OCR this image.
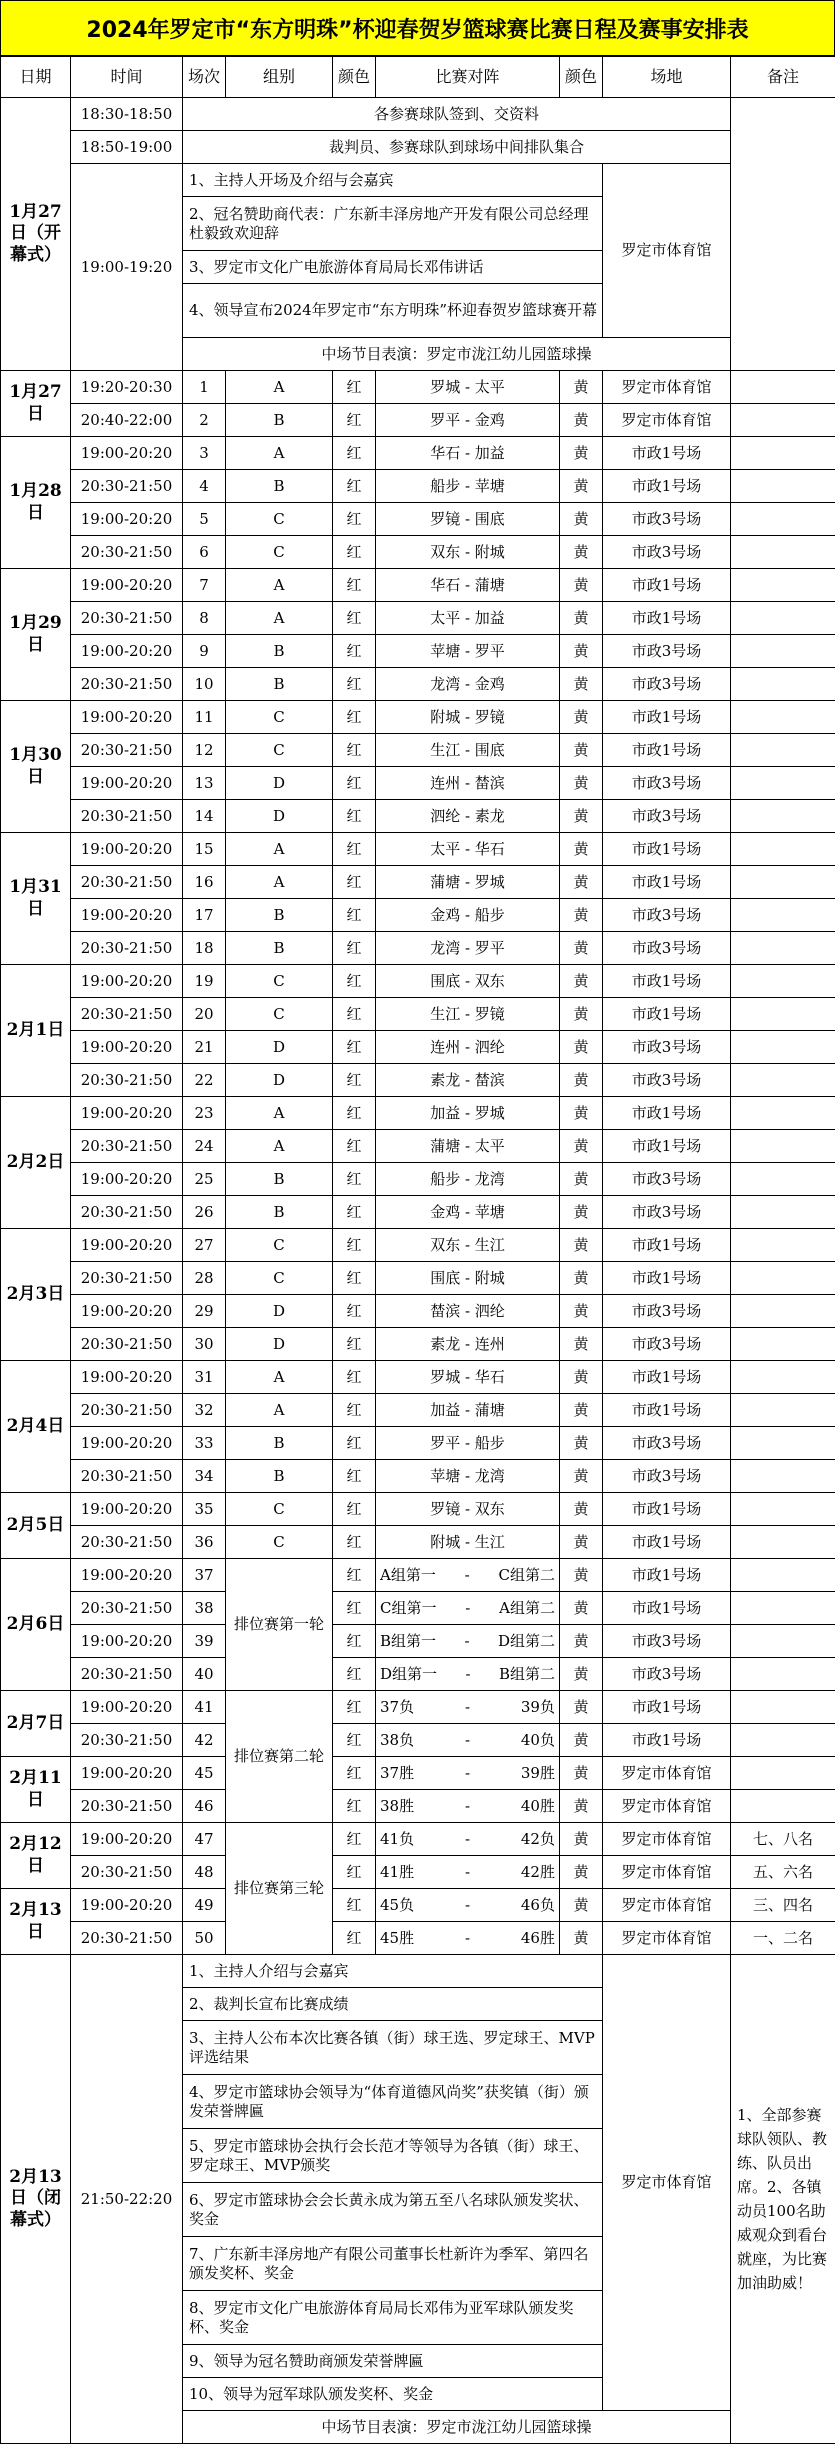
2024年罗定市“东方明珠”杯迎春贺岁篮球赛比赛日程及赛事安排表
日期	时间	场次	组别	颜色	比赛对阵	颜色	场地	备注
1月27日（开幕式）	18:30-18:50	各参赛球队签到、交资料						
	18:50-19:00	裁判员、参赛球队到球场中间排队集合						
	19:00-19:20	1、主持人开场及介绍与会嘉宾					罗定市体育馆	
		2、冠名赞助商代表：广东新丰泽房地产开发有限公司总经理杜毅致欢迎辞						
		3、罗定市文化广电旅游体育局局长邓伟讲话						
		4、领导宣布2024年罗定市“东方明珠”杯迎春贺岁篮球赛开幕						

		中场节目表演：罗定市泷江幼儿园篮球操						
1月27日	19:20-20:30	1	A	红	罗城 - 太平	黄	罗定市体育馆	
	20:40-22:00	2	B	红	罗平 - 金鸡	黄	罗定市体育馆	
1月28日	19:00-20:20	3	A	红	华石 - 加益	黄	市政1号场	
	20:30-21:50	4	B	红	船步 - 苹塘	黄	市政1号场	
	19:00-20:20	5	C	红	罗镜 - 围底	黄	市政3号场	
	20:30-21:50	6	C	红	双东 - 附城	黄	市政3号场	
1月29日	19:00-20:20	7	A	红	华石 - 蒲塘	黄	市政1号场	
	20:30-21:50	8	A	红	太平 - 加益	黄	市政1号场	
	19:00-20:20	9	B	红	苹塘 - 罗平	黄	市政3号场	
	20:30-21:50	10	B	红	龙湾 - 金鸡	黄	市政3号场	
1月30日	19:00-20:20	11	C	红	附城 - 罗镜	黄	市政1号场	
	20:30-21:50	12	C	红	生江 - 围底	黄	市政1号场	
	19:00-20:20	13	D	红	连州 - 榃滨	黄	市政3号场	
	20:30-21:50	14	D	红	泗纶 - 素龙	黄	市政3号场	
1月31日	19:00-20:20	15	A	红	太平 - 华石	黄	市政1号场	
	20:30-21:50	16	A	红	蒲塘 - 罗城	黄	市政1号场	
	19:00-20:20	17	B	红	金鸡 - 船步	黄	市政3号场	
	20:30-21:50	18	B	红	龙湾 - 罗平	黄	市政3号场	
2月1日	19:00-20:20	19	C	红	围底 - 双东	黄	市政1号场	
	20:30-21:50	20	C	红	生江 - 罗镜	黄	市政1号场	
	19:00-20:20	21	D	红	连州 - 泗纶	黄	市政3号场	
	20:30-21:50	22	D	红	素龙 - 榃滨	黄	市政3号场	
2月2日	19:00-20:20	23	A	红	加益 - 罗城	黄	市政1号场	
	20:30-21:50	24	A	红	蒲塘 - 太平	黄	市政1号场	
	19:00-20:20	25	B	红	船步 - 龙湾	黄	市政3号场	
	20:30-21:50	26	B	红	金鸡 - 苹塘	黄	市政3号场	
2月3日	19:00-20:20	27	C	红	双东 - 生江	黄	市政1号场	
	20:30-21:50	28	C	红	围底 - 附城	黄	市政1号场	
	19:00-20:20	29	D	红	榃滨 - 泗纶	黄	市政3号场	
	20:30-21:50	30	D	红	素龙 - 连州	黄	市政3号场	
2月4日	19:00-20:20	31	A	红	罗城 - 华石	黄	市政1号场	
	20:30-21:50	32	A	红	加益 - 蒲塘	黄	市政1号场	
	19:00-20:20	33	B	红	罗平 - 船步	黄	市政3号场	
	20:30-21:50	34	B	红	苹塘 - 龙湾	黄	市政3号场	
2月5日	19:00-20:20	35	C	红	罗镜 - 双东	黄	市政1号场	
	20:30-21:50	36	C	红	附城 - 生江	黄	市政1号场	
2月6日	19:00-20:20	37	排位赛第一轮	红	A组第一 - C组第二	黄	市政1号场	
	20:30-21:50	38		红	C组第一 - A组第二	黄	市政1号场	
	19:00-20:20	39		红	B组第一 - D组第二	黄	市政3号场	
	20:30-21:50	40		红	D组第一 - B组第二	黄	市政3号场	
2月7日	19:00-20:20	41	排位赛第二轮	红	37负 - 39负	黄	市政1号场	
	20:30-21:50	42		红	38负 - 40负	黄	市政1号场	
2月11日	19:00-20:20	45		红	37胜 - 39胜	黄	罗定市体育馆	
	20:30-21:50	46		红	38胜 - 40胜	黄	罗定市体育馆	
2月12日	19:00-20:20	47	排位赛第三轮	红	41负 - 42负	黄	罗定市体育馆	七、八名
	20:30-21:50	48		红	41胜 - 42胜	黄	罗定市体育馆	五、六名
2月13日	19:00-20:20	49		红	45负 - 46负	黄	罗定市体育馆	三、四名
	20:30-21:50	50		红	45胜 - 46胜	黄	罗定市体育馆	一、二名
2月13日（闭幕式）	21:50-22:20	1、主持人介绍与会嘉宾					罗定市体育馆	1、全部参赛球队领队、教练、队员出席。2、各镇动员100名助威观众到看台就座，为比赛加油助威！
		2、裁判长宣布比赛成绩						
		3、主持人公布本次比赛各镇（街）球王选、罗定球王、MVP评选结果						
		4、罗定市篮球协会领导为“体育道德风尚奖”获奖镇（街）颁发荣誉牌匾						
		5、罗定市篮球协会执行会长范才等领导为各镇（街）球王、罗定球王、MVP颁奖						
		6、罗定市篮球协会会长黄永成为第五至八名球队颁发奖状、奖金						
		7、广东新丰泽房地产有限公司董事长杜新许为季军、第四名颁发奖杯、奖金						
		8、罗定市文化广电旅游体育局局长邓伟为亚军球队颁发奖杯、奖金						
		9、领导为冠名赞助商颁发荣誉牌匾						
		10、领导为冠军球队颁发奖杯、奖金						
		中场节目表演：罗定市泷江幼儿园篮球操						
